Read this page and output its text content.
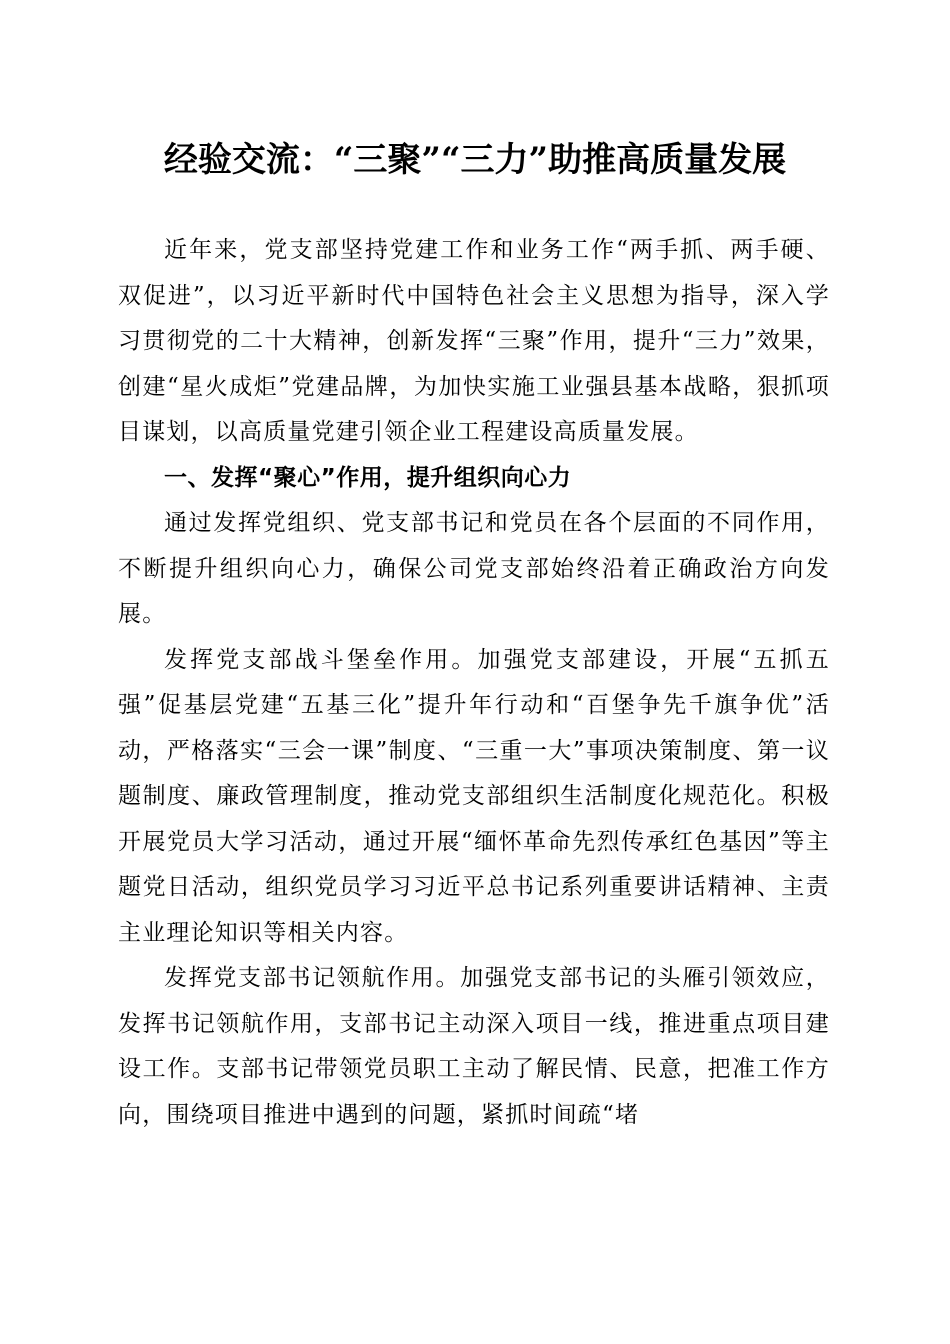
经验交流：“三聚”“三力”助推高质量发展

近年来，党支部坚持党建工作和业务工作“两手抓、两手硬、双促进”，以习近平新时代中国特色社会主义思想为指导，深入学习贯彻党的二十大精神，创新发挥“三聚”作用，提升“三力”效果，创建“星火成炬”党建品牌，为加快实施工业强县基本战略，狠抓项目谋划，以高质量党建引领企业工程建设高质量发展。

一、发挥“聚心”作用，提升组织向心力

通过发挥党组织、党支部书记和党员在各个层面的不同作用，不断提升组织向心力，确保公司党支部始终沿着正确政治方向发展。

发挥党支部战斗堡垒作用。加强党支部建设，开展“五抓五强”促基层党建“五基三化”提升年行动和“百堡争先千旗争优”活动，严格落实“三会一课”制度、“三重一大”事项决策制度、第一议题制度、廉政管理制度，推动党支部组织生活制度化规范化。积极开展党员大学习活动，通过开展“缅怀革命先烈传承红色基因”等主题党日活动，组织党员学习习近平总书记系列重要讲话精神、主责主业理论知识等相关内容。

发挥党支部书记领航作用。加强党支部书记的头雁引领效应，发挥书记领航作用，支部书记主动深入项目一线，推进重点项目建设工作。支部书记带领党员职工主动了解民情、民意，把准工作方向，围绕项目推进中遇到的问题，紧抓时间疏“堵
